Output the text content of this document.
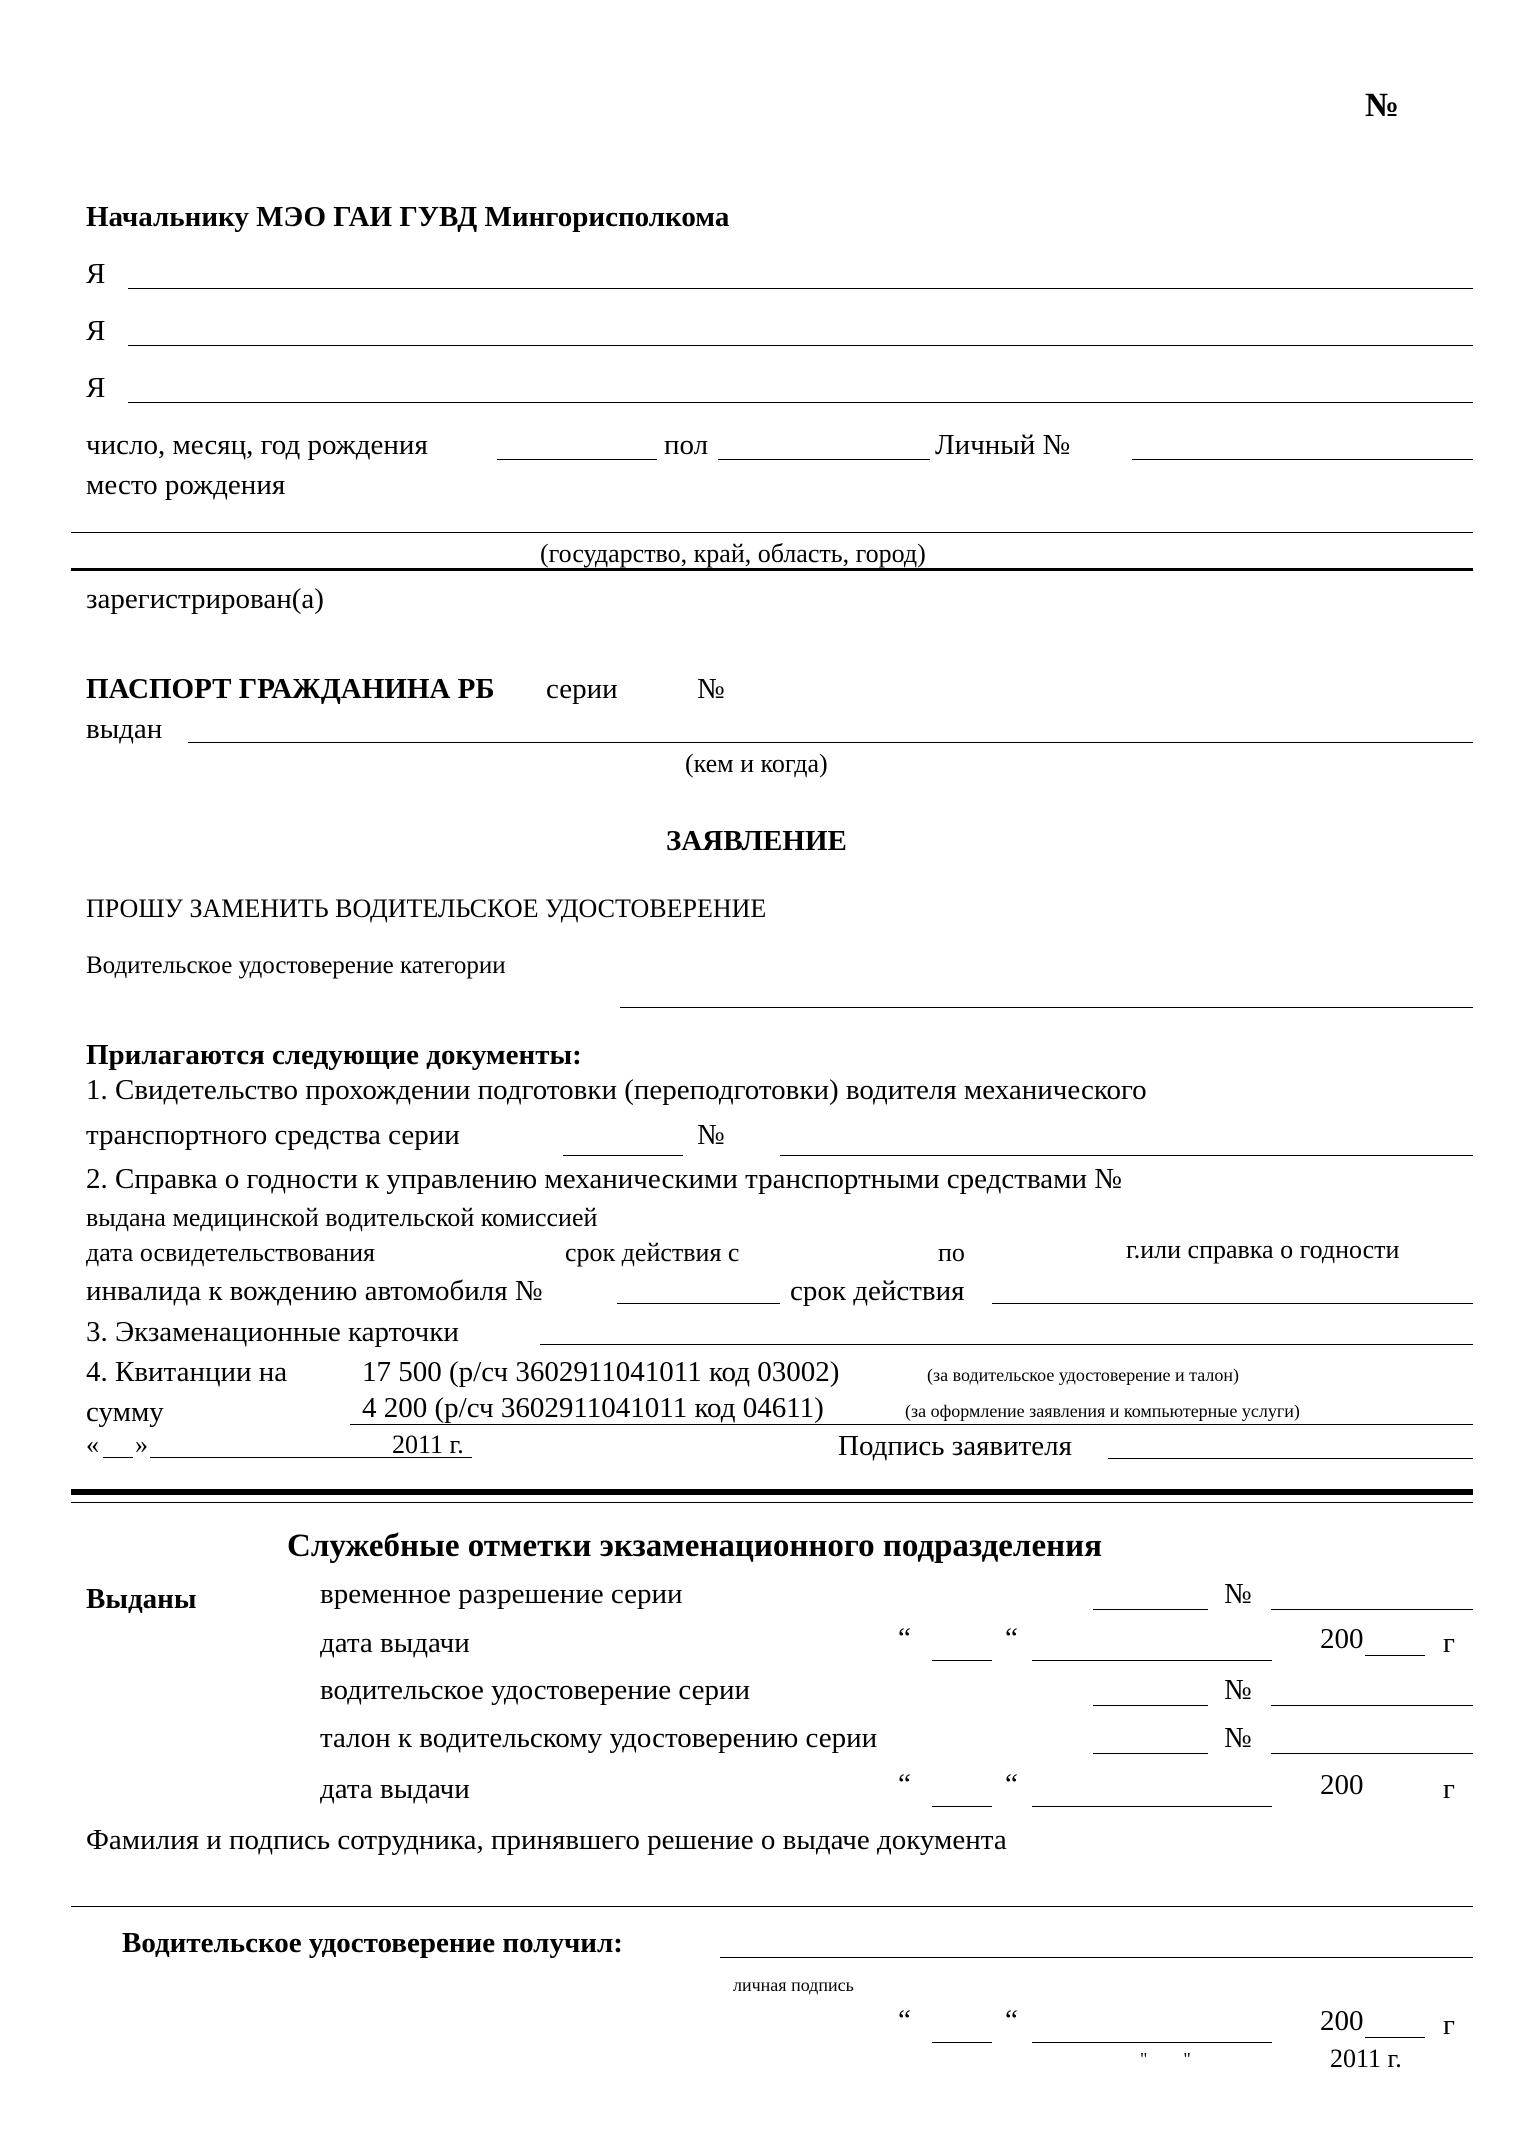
№
Начальнику МЭО ГАИ ГУВД Мингорисполкома
Я
Я
Я
число, месяц, год рождения	пол	Личный №
место рождения
(государство, край, область, город)
зарегистрирован(а)
ПАСПОРТ ГРАЖДАНИНА РБ серии	№
выдан
(кем и когда)
ЗАЯВЛЕНИЕ
ПРОШУ ЗАМЕНИТЬ ВОДИТЕЛЬСКОЕ УДОСТОВЕРЕНИЕ
Водительское удостоверение категории
Прилагаются следующие документы:
1. Свидетельство прохождении подготовки (переподготовки) водителя механического
транспортного средства серии	№
2. Справка о годности к управлению механическими транспортными средствами №
выдана медицинской водительской комиссией
дата освидетельствования	срок действия с	по	г.или справка о годности
инвалида к вождению автомобиля №	срок действия
3. Экзаменационные карточки
4. Квитанции на	17 500 (р/сч 3602911041011 код 03002)	(за водительское удостоверение и талон)
сумму	4 200 (р/сч 3602911041011 код 04611)	(за оформление заявления и компьютерные услуги)
« »	2011 г.	Подпись заявителя
Служебные отметки экзаменационного подразделения
Выданы	временное разрешение серии	№
дата выдачи	“	“	200	г
водительское удостоверение серии	№
талон к водительскому удостоверению серии	№
дата выдачи	“	“	200	г
Фамилия и подпись сотрудника, принявшего решение о выдаче документа
Водительское удостоверение получил:
личная подпись
“	“	200	г
"        "	2011 г.
